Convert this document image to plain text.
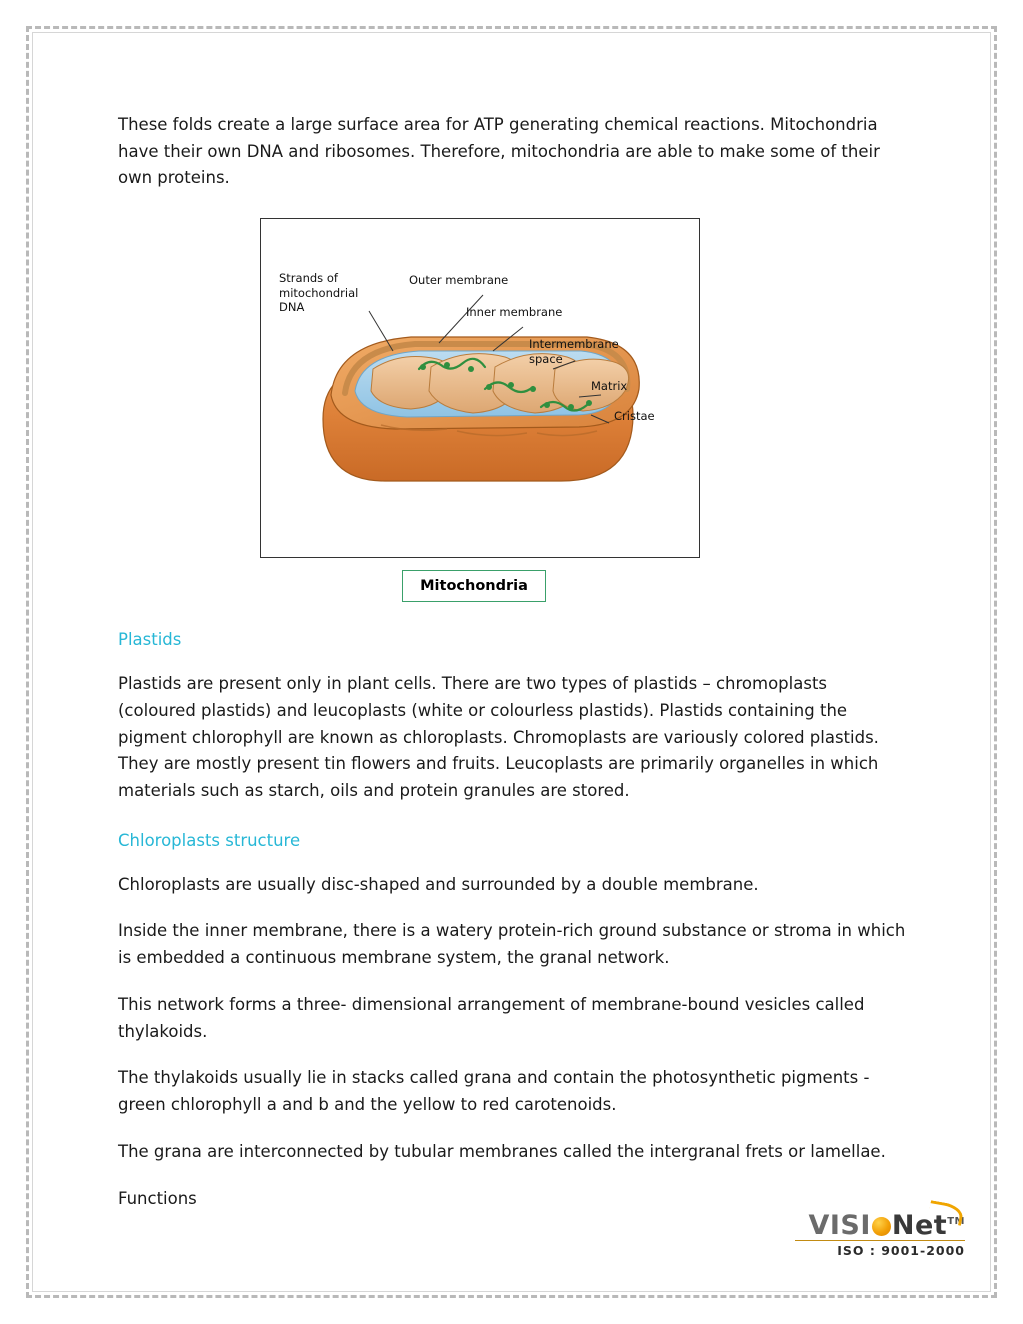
These folds create a large surface area for ATP generating chemical reactions. Mitochondria have their own DNA and ribosomes. Therefore, mitochondria are able to make some of their own proteins.

Strands of mitochondrial DNA
Outer membrane
Inner membrane
Intermembrane space
Matrix
Cristae
Mitochondria
Plastids

Plastids are present only in plant cells. There are two types of plastids – chromoplasts (coloured plastids) and leucoplasts (white or colourless plastids). Plastids containing the pigment chlorophyll are known as chloroplasts. Chromoplasts are variously colored plastids. They are mostly present tin flowers and fruits. Leucoplasts are primarily organelles in which materials such as starch, oils and protein granules are stored.

Chloroplasts structure

Chloroplasts are usually disc-shaped and surrounded by a double membrane.

Inside the inner membrane, there is a watery protein-rich ground substance or stroma in which is embedded a continuous membrane system, the granal network.

This network forms a three- dimensional arrangement of membrane-bound vesicles called thylakoids.

The thylakoids usually lie in stacks called grana and contain the photosynthetic pigments - green chlorophyll a and b and the yellow to red carotenoids.

The grana are interconnected by tubular membranes called the intergranal frets or lamellae.

Functions

VISI Net™
ISO : 9001-2000
